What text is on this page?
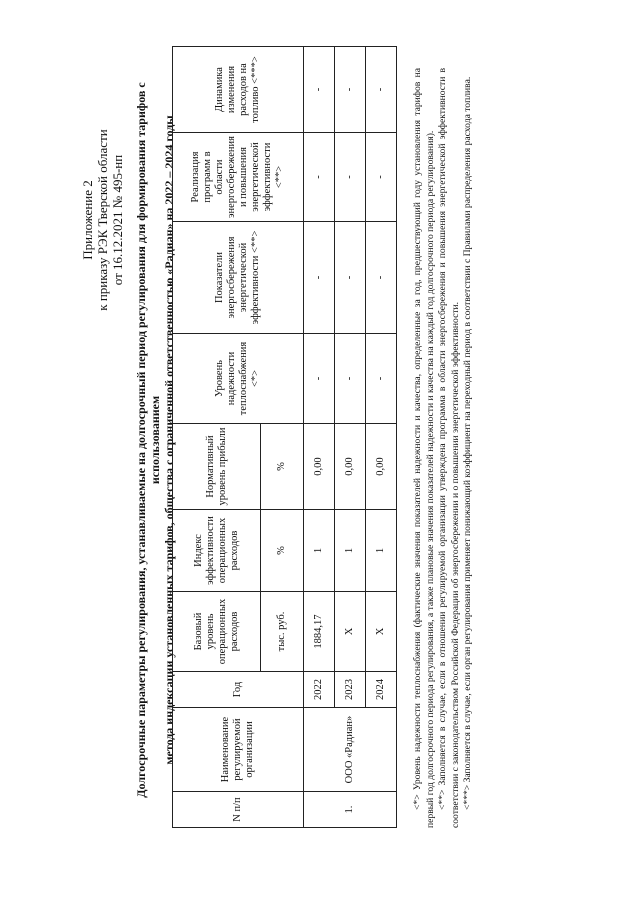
Приложение 2 к приказу РЭК Тверской области от 16.12.2021 № 495-нп Долгосрочные параметры регулирования, устанавливаемые на долгосрочный период регулирования для формирования тарифов с использованием метода индексации установленных тарифов, общества с ограниченной ответственностью «Радиан» на 2022 – 2024 годы
N п/п	Наименование регулируемой организации	Год	Базовый уровень операционных расходов	Индекс эффективности операционных расходов	Нормативный уровень прибыли	Уровень надежности теплоснабжения <*>	Показатели энергосбережения энергетической эффективности <**>	Реализация программ в области энергосбережения и повышения энергетической эффективности <**>	Динамика изменения расходов на топливо <***>
			тыс. руб.	%	%				
1.	ООО «Радиан»	2022	1884,17	1	0,00	-	-	-	-
		2023	Х	1	0,00	-	-	-	-
		2024	Х	1	0,00	-	-	-	-	<*> Уровень надежности теплоснабжения (фактические значения показателей надежности и качества, определенные за год, предшествующий году установления тарифов на первый год долгосрочного периода регулирования, а также плановые значения показателей надежности и качества на каждый год долгосрочного периода регулирования). <**> Заполняется в случае, если в отношении регулируемой организации утверждена программа в области энергосбережения и повышения энергетической эффективности в соответствии с законодательством Российской Федерации об энергосбережении и о повышении энергетической эффективности. <***> Заполняется в случае, если орган регулирования применяет понижающий коэффициент на переходный период в соответствии с Правилами распределения расхода топлива.
